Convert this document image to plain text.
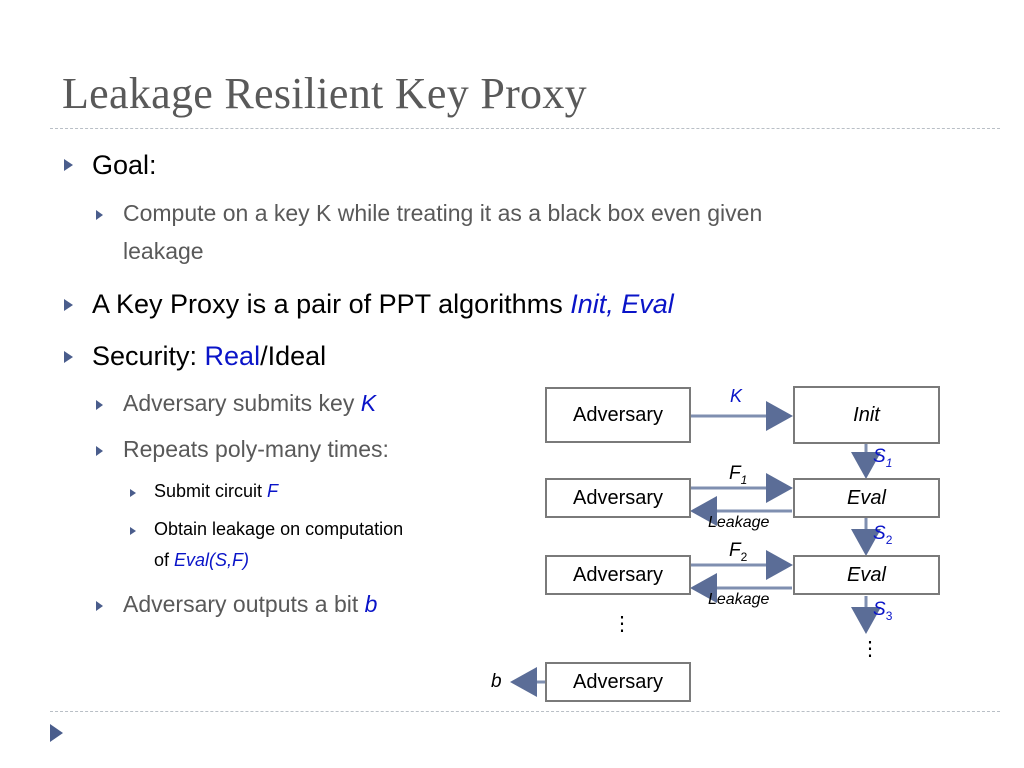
Leakage Resilient Key Proxy

Goal:

Compute on a key K while treating it as a black box even given

leakage

A Key Proxy is a pair of PPT algorithms Init, Eval

Security: Real/Ideal

Adversary submits key K

Repeats poly-many times:

Submit circuit F

Obtain leakage on computation

of Eval(S,F)

Adversary outputs a bit b

Adversary	Init
Adversary	Eval
Adversary	Eval
Adversary
K
$F_1$
Leakage
$F_2$
Leakage
$S_1$
$S_2$
$S_3$
b
⋮
⋮
